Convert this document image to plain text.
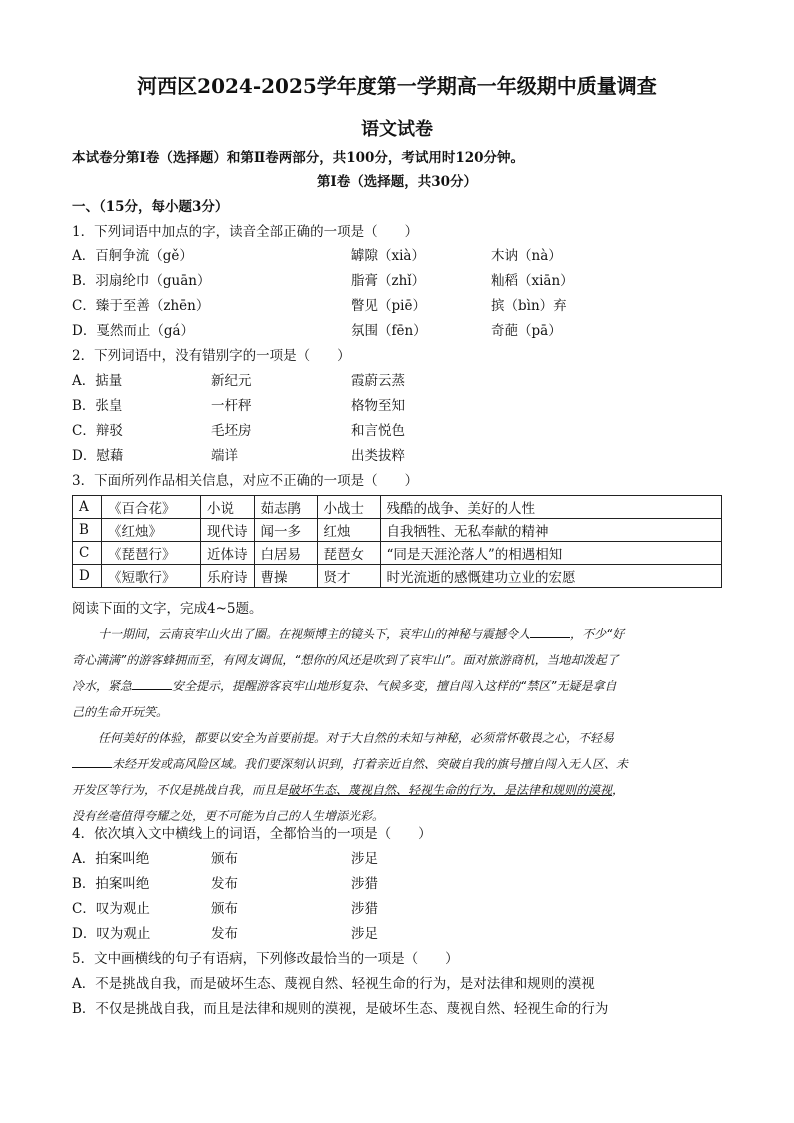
河西区2024-2025学年度第一学期高一年级期中质量调查
语文试卷
本试卷分第Ⅰ卷（选择题）和第Ⅱ卷两部分，共100分，考试用时120分钟。
第Ⅰ卷（选择题，共30分）
一、（15分，每小题3分）
1．下列词语中加点的字，读音全部正确的一项是（　　）
A．百舸争流（gě）	罅隙（xià）	木讷（nà）
B．羽扇纶巾（guān）	脂膏（zhǐ）	籼稻（xiān）
C．臻于至善（zhēn）	瞥见（piē）	摈（bìn）弃
D．戛然而止（gá）	氛围（fēn）	奇葩（pā）
2．下列词语中，没有错别字的一项是（　　）
A．掂量	新纪元	霞蔚云蒸
B．张皇	一杆秤	格物至知
C．辩驳	毛坯房	和言悦色
D．慰藉	端详	出类拔粹
3．下面所列作品相关信息，对应不正确的一项是（　　）
A	《百合花》	小说	茹志鹃	小战士	残酷的战争、美好的人性
B	《红烛》	现代诗	闻一多	红烛	自我牺牲、无私奉献的精神
C	《琵琶行》	近体诗	白居易	琵琶女	“同是天涯沦落人”的相遇相知
D	《短歌行》	乐府诗	曹操	贤才	时光流逝的感慨建功立业的宏愿
阅读下面的文字，完成4~5题。
十一期间，云南哀牢山火出了圈。在视频博主的镜头下，哀牢山的神秘与震撼令人	，不少“好
奇心满满”的游客蜂拥而至，有网友调侃，“想你的风还是吹到了哀牢山”。面对旅游商机，当地却泼起了
冷水，紧急	安全提示，提醒游客哀牢山地形复杂、气候多变，擅自闯入这样的“禁区”无疑是拿自
己的生命开玩笑。
任何美好的体验，都要以安全为首要前提。对于大自然的未知与神秘，必须常怀敬畏之心，不轻易
未经开发或高风险区域。我们要深刻认识到，打着亲近自然、突破自我的旗号擅自闯入无人区、未
开发区等行为，不仅是挑战自我，而且是破坏生态、蔑视自然、轻视生命的行为，是法律和规则的漠视，
没有丝毫值得夸耀之处，更不可能为自己的人生增添光彩。
4．依次填入文中横线上的词语，全都恰当的一项是（　　）
A．拍案叫绝	颁布	涉足
B．拍案叫绝	发布	涉猎
C．叹为观止	颁布	涉猎
D．叹为观止	发布	涉足
5．文中画横线的句子有语病，下列修改最恰当的一项是（　　）
A．不是挑战自我，而是破坏生态、蔑视自然、轻视生命的行为，是对法律和规则的漠视
B．不仅是挑战自我，而且是法律和规则的漠视，是破坏生态、蔑视自然、轻视生命的行为
